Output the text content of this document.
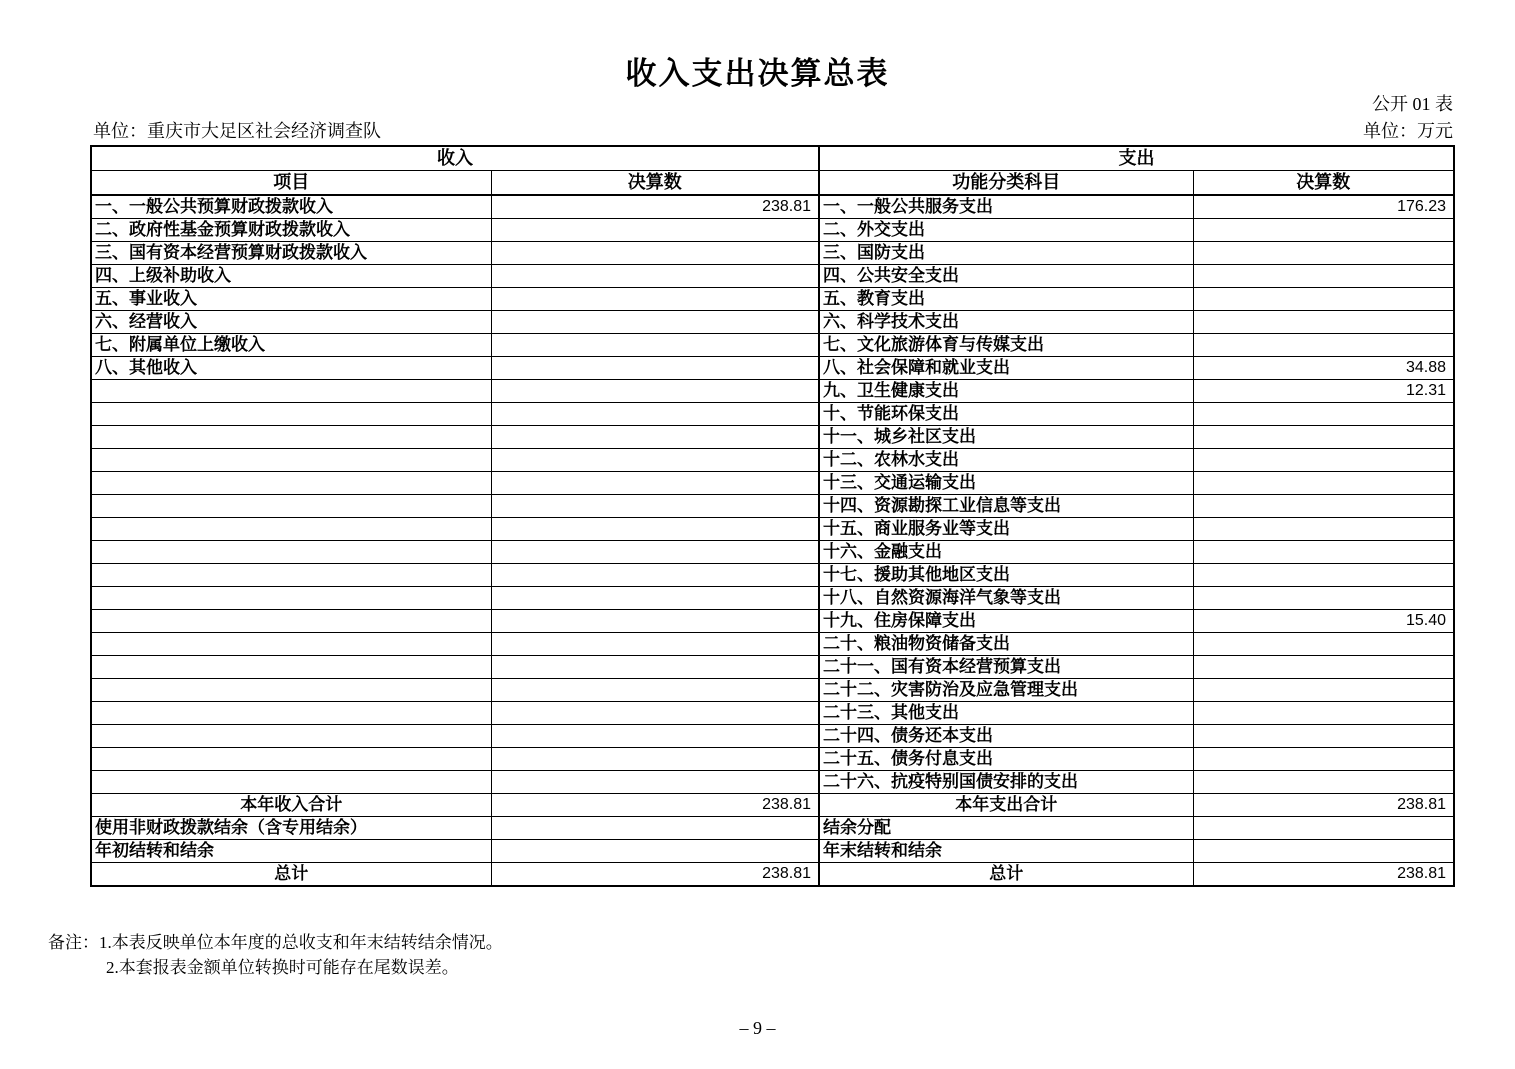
收入支出决算总表
公开 01 表
单位：重庆市大足区社会经济调查队	单位：万元
收入		支出	
项目	决算数	功能分类科目	决算数
一、一般公共预算财政拨款收入	238.81	一、一般公共服务支出	176.23
二、政府性基金预算财政拨款收入		二、外交支出	
三、国有资本经营预算财政拨款收入		三、国防支出	
四、上级补助收入		四、公共安全支出	
五、事业收入		五、教育支出	
六、经营收入		六、科学技术支出	
七、附属单位上缴收入		七、文化旅游体育与传媒支出	
八、其他收入		八、社会保障和就业支出	34.88
		九、卫生健康支出	12.31
		十、节能环保支出	
		十一、城乡社区支出	
		十二、农林水支出	
		十三、交通运输支出	
		十四、资源勘探工业信息等支出	
		十五、商业服务业等支出	
		十六、金融支出	
		十七、援助其他地区支出	
		十八、自然资源海洋气象等支出	
		十九、住房保障支出	15.40
		二十、粮油物资储备支出	
		二十一、国有资本经营预算支出	
		二十二、灾害防治及应急管理支出	
		二十三、其他支出	
		二十四、债务还本支出	
		二十五、债务付息支出	
		二十六、抗疫特别国债安排的支出	
本年收入合计	238.81	本年支出合计	238.81
使用非财政拨款结余（含专用结余）		结余分配	
年初结转和结余		年末结转和结余	
总计	238.81	总计	238.81
备注：1.本表反映单位本年度的总收支和年末结转结余情况。
2.本套报表金额单位转换时可能存在尾数误差。
– 9 –
